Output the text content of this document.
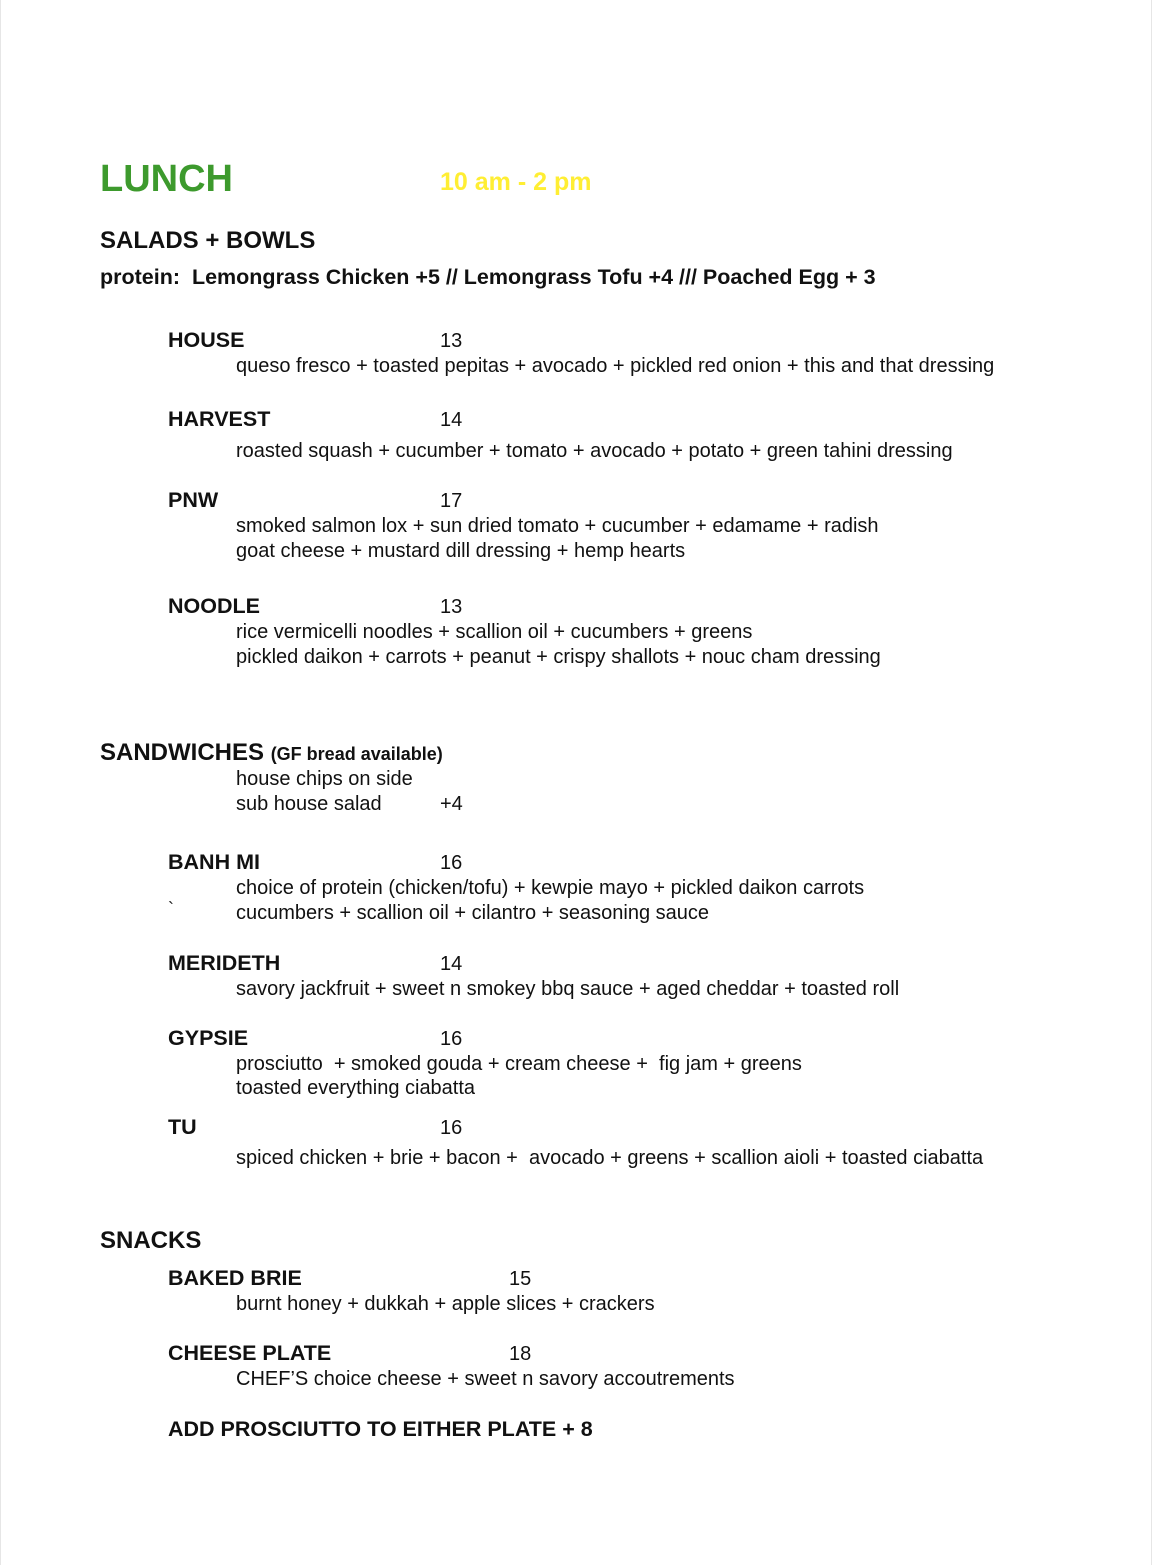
LUNCH	10 am - 2 pm
SALADS + BOWLS
protein:  Lemongrass Chicken +5 // Lemongrass Tofu +4 /// Poached Egg + 3
HOUSE	13
queso fresco + toasted pepitas + avocado + pickled red onion + this and that dressing
HARVEST	14
roasted squash + cucumber + tomato + avocado + potato + green tahini dressing
PNW	17
smoked salmon lox + sun dried tomato + cucumber + edamame + radish
goat cheese + mustard dill dressing + hemp hearts
NOODLE	13
rice vermicelli noodles + scallion oil + cucumbers + greens
pickled daikon + carrots + peanut + crispy shallots + nouc cham dressing
SANDWICHES (GF bread available)
house chips on side
sub house salad	+4
BANH MI	16
choice of protein (chicken/tofu) + kewpie mayo + pickled daikon carrots
`	cucumbers + scallion oil + cilantro + seasoning sauce
MERIDETH	14
savory jackfruit + sweet n smokey bbq sauce + aged cheddar + toasted roll
GYPSIE	16
prosciutto  + smoked gouda + cream cheese +  fig jam + greens
toasted everything ciabatta
TU	16
spiced chicken + brie + bacon +  avocado + greens + scallion aioli + toasted ciabatta
SNACKS
BAKED BRIE	15
burnt honey + dukkah + apple slices + crackers
CHEESE PLATE	18
CHEF’S choice cheese + sweet n savory accoutrements
ADD PROSCIUTTO TO EITHER PLATE + 8
